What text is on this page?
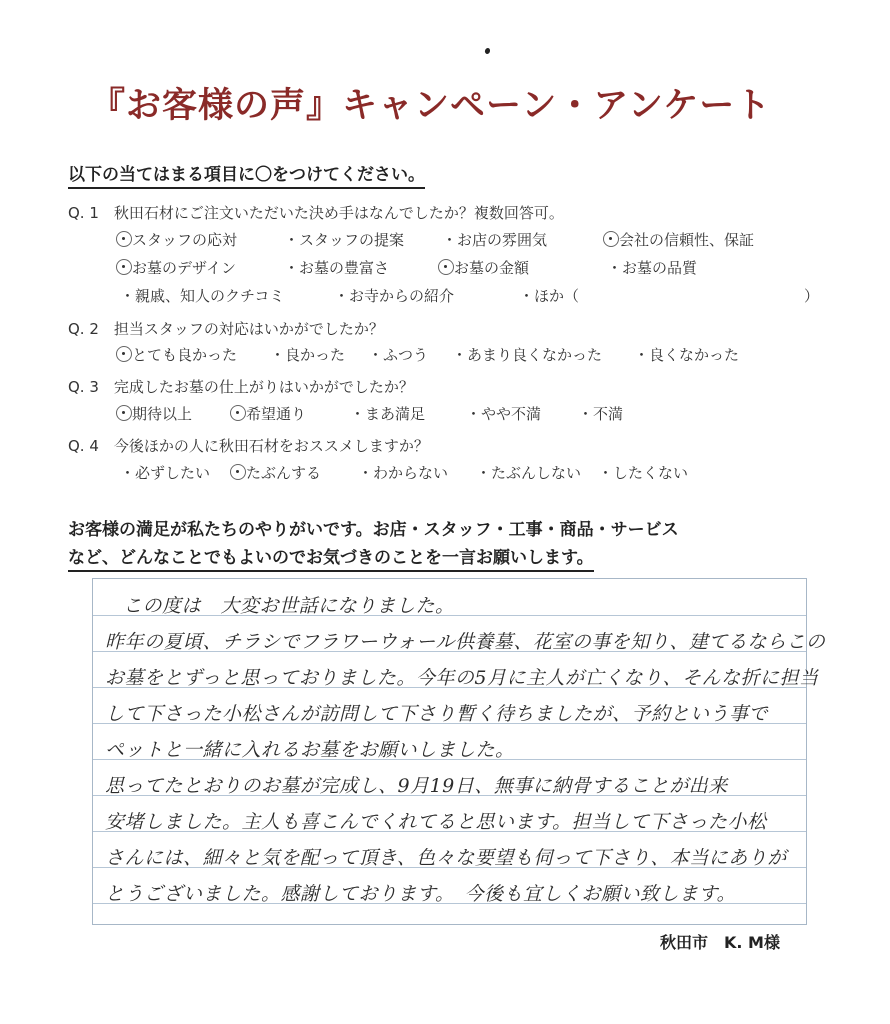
『お客様の声』キャンペーン・アンケート
以下の当てはまる項目に〇をつけてください。
Q. 1　秋田石材にご注文いただいた決め手はなんでしたか？複数回答可。
スタッフの応対	・スタッフの提案	・お店の雰囲気	会社の信頼性、保証
お墓のデザイン	・お墓の豊富さ	お墓の金額	・お墓の品質
・親戚、知人のクチコミ	・お寺からの紹介	・ほか（　　　　　　　　　　　　　　　）
Q. 2　担当スタッフの対応はいかがでしたか？
とても良かった	・良かった	・ふつう	・あまり良くなかった	・良くなかった
Q. 3　完成したお墓の仕上がりはいかがでしたか？
期待以上	希望通り	・まあ満足	・やや不満	・不満
Q. 4　今後ほかの人に秋田石材をおススメしますか？
・必ずしたい	たぶんする	・わからない	・たぶんしない	・したくない
お客様の満足が私たちのやりがいです。お店・スタッフ・工事・商品・サービス
など、どんなことでもよいのでお気づきのことを一言お願いします。
この度は　大変お世話になりました。
昨年の夏頃、チラシでフラワーウォール供養墓、花室の事を知り、建てるならこの
お墓をとずっと思っておりました。今年の5月に主人が亡くなり、そんな折に担当
して下さった小松さんが訪問して下さり暫く待ちましたが、予約という事で
ペットと一緒に入れるお墓をお願いしました。
思ってたとおりのお墓が完成し、9月19日、無事に納骨することが出来
安堵しました。主人も喜こんでくれてると思います。担当して下さった小松
さんには、細々と気を配って頂き、色々な要望も伺って下さり、本当にありが
とうございました。感謝しております。　今後も宜しくお願い致します。
秋田市　K. M様
